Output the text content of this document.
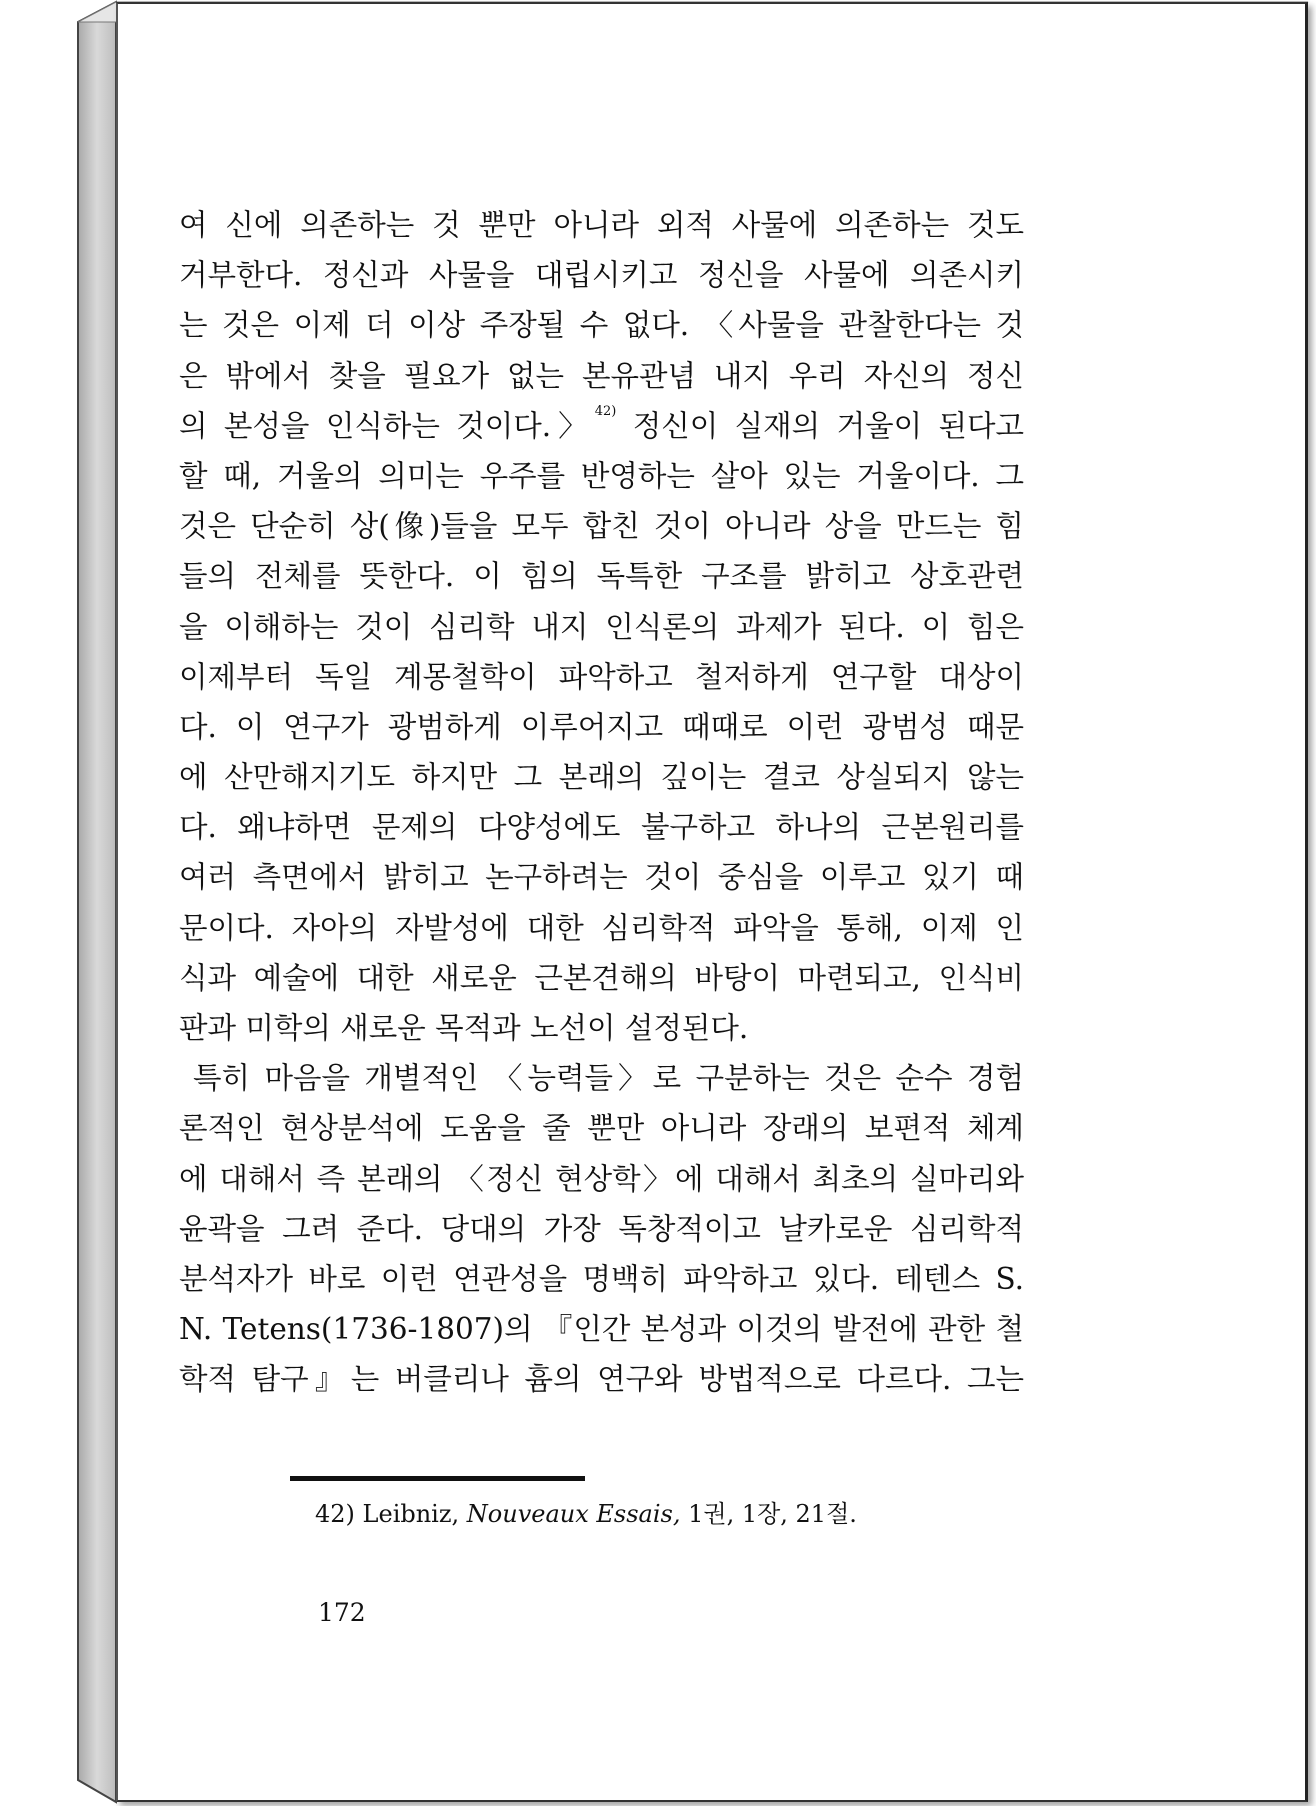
여 신에 의존하는 것 뿐만 아니라 외적 사물에 의존하는 것도
거부한다. 정신과 사물을 대립시키고 정신을 사물에 의존시키
는 것은 이제 더 이상 주장될 수 없다. 〈사물을 관찰한다는 것
은 밖에서 찾을 필요가 없는 본유관념 내지 우리 자신의 정신
의 본성을 인식하는 것이다.〉$^{42)}$ 정신이 실재의 거울이 된다고
할 때, 거울의 의미는 우주를 반영하는 살아 있는 거울이다. 그
것은 단순히 상(像)들을 모두 합친 것이 아니라 상을 만드는 힘
들의 전체를 뜻한다. 이 힘의 독특한 구조를 밝히고 상호관련
을 이해하는 것이 심리학 내지 인식론의 과제가 된다. 이 힘은
이제부터 독일 계몽철학이 파악하고 철저하게 연구할 대상이
다. 이 연구가 광범하게 이루어지고 때때로 이런 광범성 때문
에 산만해지기도 하지만 그 본래의 깊이는 결코 상실되지 않는
다. 왜냐하면 문제의 다양성에도 불구하고 하나의 근본원리를
여러 측면에서 밝히고 논구하려는 것이 중심을 이루고 있기 때
문이다. 자아의 자발성에 대한 심리학적 파악을 통해, 이제 인
식과 예술에 대한 새로운 근본견해의 바탕이 마련되고, 인식비
판과 미학의 새로운 목적과 노선이 설정된다.
특히 마음을 개별적인 〈능력들〉로 구분하는 것은 순수 경험
론적인 현상분석에 도움을 줄 뿐만 아니라 장래의 보편적 체계
에 대해서 즉 본래의 〈정신 현상학〉에 대해서 최초의 실마리와
윤곽을 그려 준다. 당대의 가장 독창적이고 날카로운 심리학적
분석자가 바로 이런 연관성을 명백히 파악하고 있다. 테텐스 S.
N. Tetens(1736-1807)의 『인간 본성과 이것의 발전에 관한 철
학적 탐구』는 버클리나 흄의 연구와 방법적으로 다르다. 그는
42) Leibniz, Nouveaux Essais, 1권, 1장, 21절.
172
